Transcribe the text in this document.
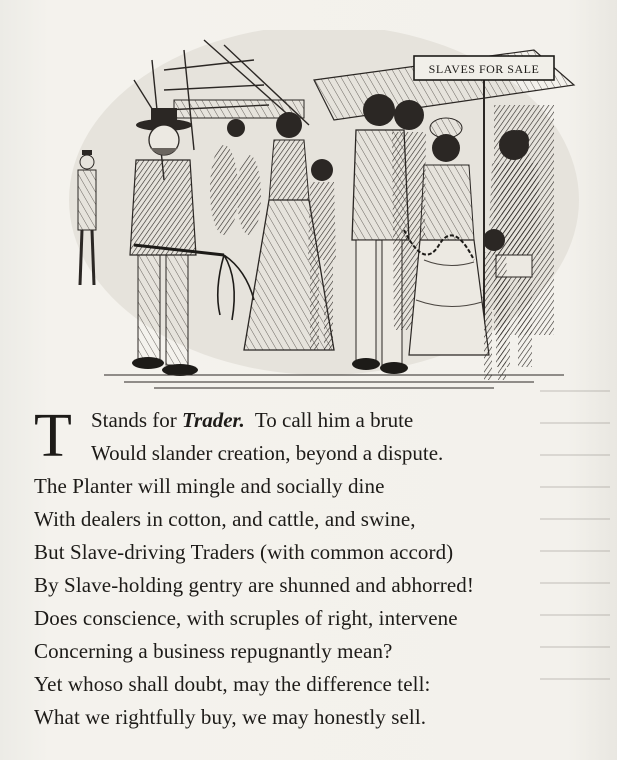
SLAVES FOR SALE
T Stands for Trader.  To call him a brute
Would slander creation, beyond a dispute.
The Planter will mingle and socially dine
With dealers in cotton, and cattle, and swine,
But Slave-driving Traders (with common accord)
By Slave-holding gentry are shunned and abhorred!
Does conscience, with scruples of right, intervene
Concerning a business repugnantly mean?
Yet whoso shall doubt, may the difference tell:
What we rightfully buy, we may honestly sell.
